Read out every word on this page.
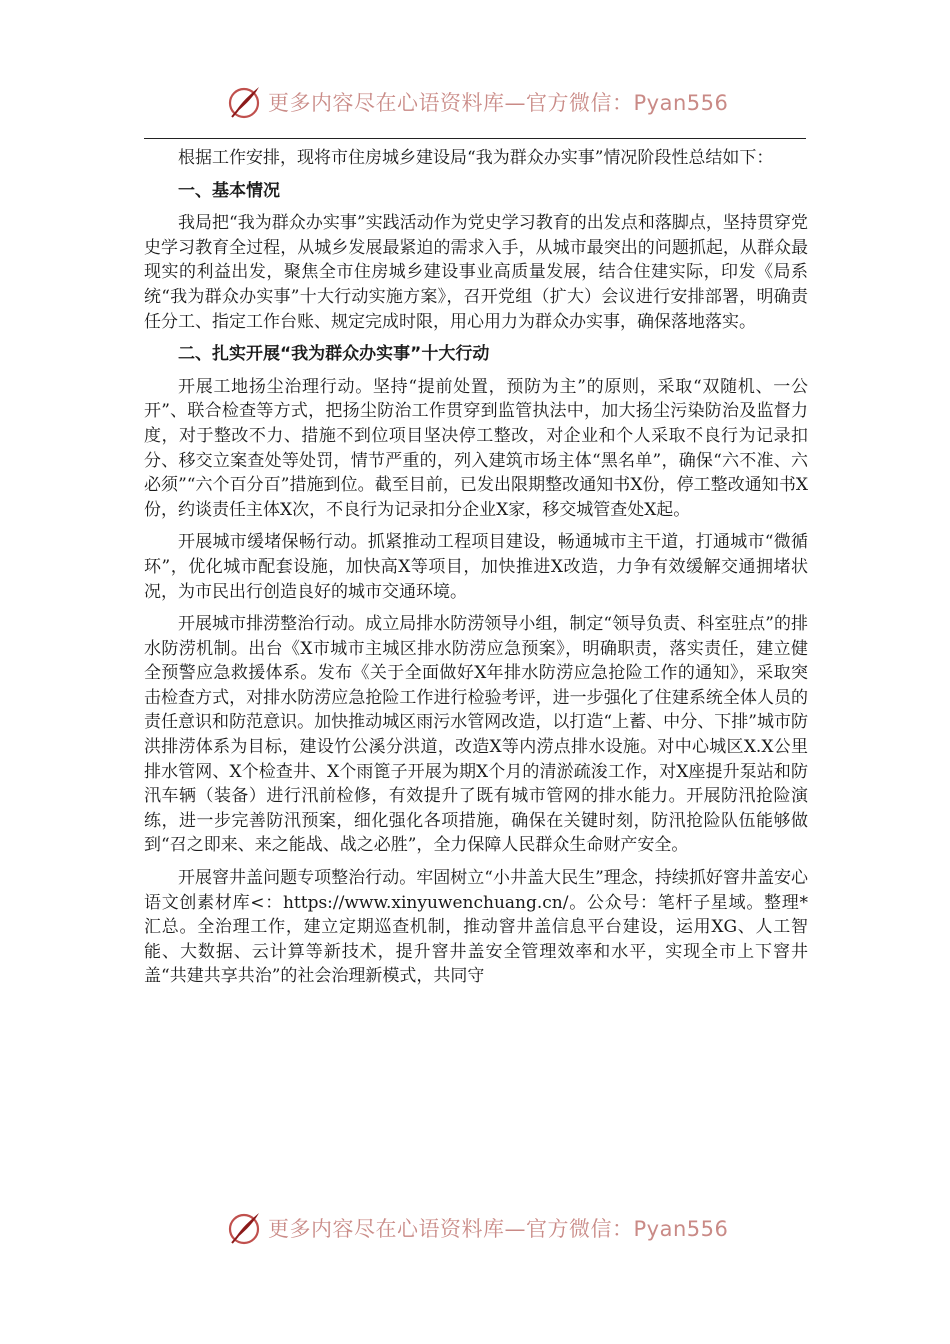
更多内容尽在心语资料库—官方微信：Pyan556

根据工作安排，现将市住房城乡建设局“我为群众办实事”情况阶段性总结如下：

一、基本情况

我局把“我为群众办实事”实践活动作为党史学习教育的出发点和落脚点，坚持贯穿党史学习教育全过程，从城乡发展最紧迫的需求入手，从城市最突出的问题抓起，从群众最现实的利益出发，聚焦全市住房城乡建设事业高质量发展，结合住建实际，印发《局系统“我为群众办实事”十大行动实施方案》，召开党组（扩大）会议进行安排部署，明确责任分工、指定工作台账、规定完成时限，用心用力为群众办实事，确保落地落实。

二、扎实开展“我为群众办实事”十大行动

开展工地扬尘治理行动。坚持“提前处置，预防为主”的原则，采取“双随机、一公开”、联合检查等方式，把扬尘防治工作贯穿到监管执法中，加大扬尘污染防治及监督力度，对于整改不力、措施不到位项目坚决停工整改，对企业和个人采取不良行为记录扣分、移交立案查处等处罚，情节严重的，列入建筑市场主体“黑名单”，确保“六不准、六必须”“六个百分百”措施到位。截至目前，已发出限期整改通知书X份，停工整改通知书X份，约谈责任主体X次，不良行为记录扣分企业X家，移交城管查处X起。

开展城市缓堵保畅行动。抓紧推动工程项目建设，畅通城市主干道，打通城市“微循环”，优化城市配套设施，加快高X等项目，加快推进X改造，力争有效缓解交通拥堵状况，为市民出行创造良好的城市交通环境。

开展城市排涝整治行动。成立局排水防涝领导小组，制定“领导负责、科室驻点”的排水防涝机制。出台《X市城市主城区排水防涝应急预案》，明确职责，落实责任，建立健全预警应急救援体系。发布《关于全面做好X年排水防涝应急抢险工作的通知》，采取突击检查方式，对排水防涝应急抢险工作进行检验考评，进一步强化了住建系统全体人员的责任意识和防范意识。加快推动城区雨污水管网改造，以打造“上蓄、中分、下排”城市防洪排涝体系为目标，建设竹公溪分洪道，改造X等内涝点排水设施。对中心城区X.X公里排水管网、X个检查井、X个雨篦子开展为期X个月的清淤疏浚工作，对X座提升泵站和防汛车辆（装备）进行汛前检修，有效提升了既有城市管网的排水能力。开展防汛抢险演练，进一步完善防汛预案，细化强化各项措施，确保在关键时刻，防汛抢险队伍能够做到“召之即来、来之能战、战之必胜”，全力保障人民群众生命财产安全。

开展窨井盖问题专项整治行动。牢固树立“小井盖大民生”理念，持续抓好窨井盖安心语文创素材库<：https://www.xinyuwenchuang.cn/。公众号：笔杆子星域。整理*汇总。全治理工作，建立定期巡查机制，推动窨井盖信息平台建设，运用XG、人工智能、大数据、云计算等新技术，提升窨井盖安全管理效率和水平，实现全市上下窨井盖“共建共享共治”的社会治理新模式，共同守

更多内容尽在心语资料库—官方微信：Pyan556
